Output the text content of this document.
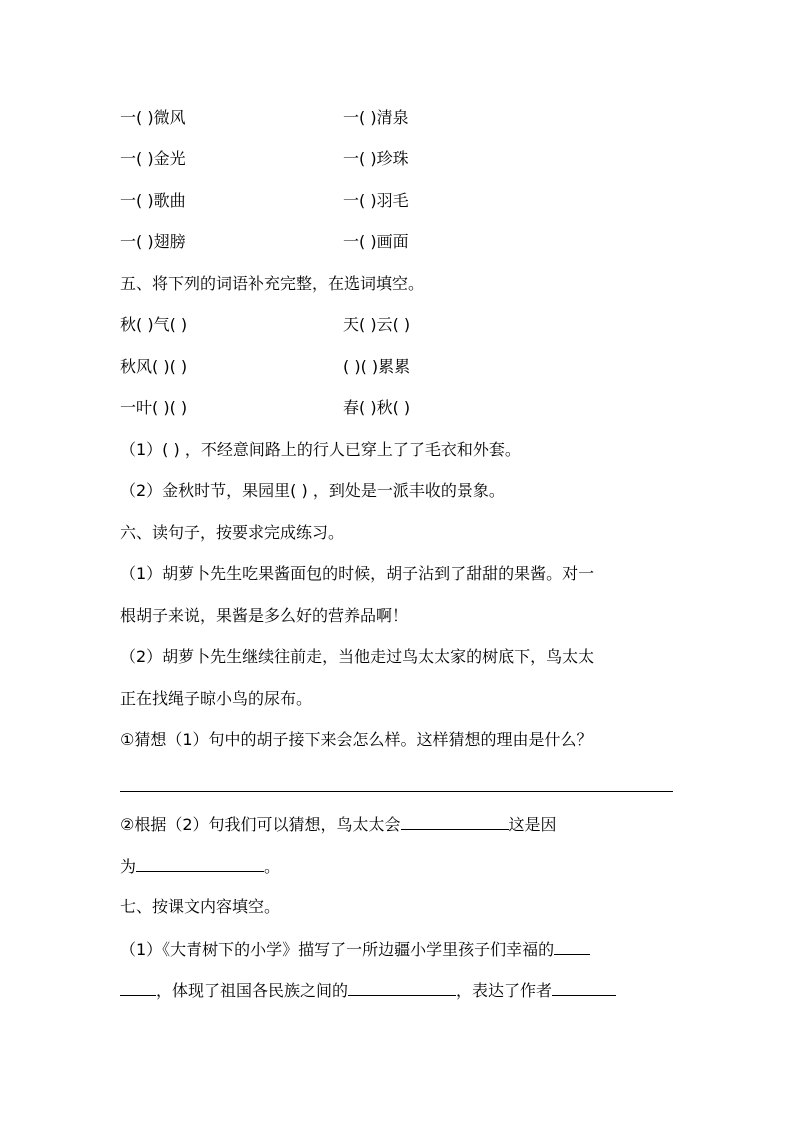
一( )微风	一( )清泉
一( )金光	一( )珍珠
一( )歌曲	一( )羽毛
一( )翅膀	一( )画面
五、将下列的词语补充完整，在选词填空。
秋( )气( )	天( )云( )
秋风( )( )	( )( )累累
一叶( )( )	春( )秋( )
（1）( ) ，不经意间路上的行人已穿上了了毛衣和外套。
（2）金秋时节，果园里( ) ，到处是一派丰收的景象。
六、读句子，按要求完成练习。
（1）胡萝卜先生吃果酱面包的时候，胡子沾到了甜甜的果酱。对一
根胡子来说，果酱是多么好的营养品啊！
（2）胡萝卜先生继续往前走，当他走过鸟太太家的树底下，鸟太太
正在找绳子晾小鸟的尿布。
①猜想（1）句中的胡子接下来会怎么样。这样猜想的理由是什么？
②根据（2）句我们可以猜想，鸟太太会	这是因
为	。
七、按课文内容填空。
（1）《大青树下的小学》描写了一所边疆小学里孩子们幸福的
，体现了祖国各民族之间的	，表达了作者
